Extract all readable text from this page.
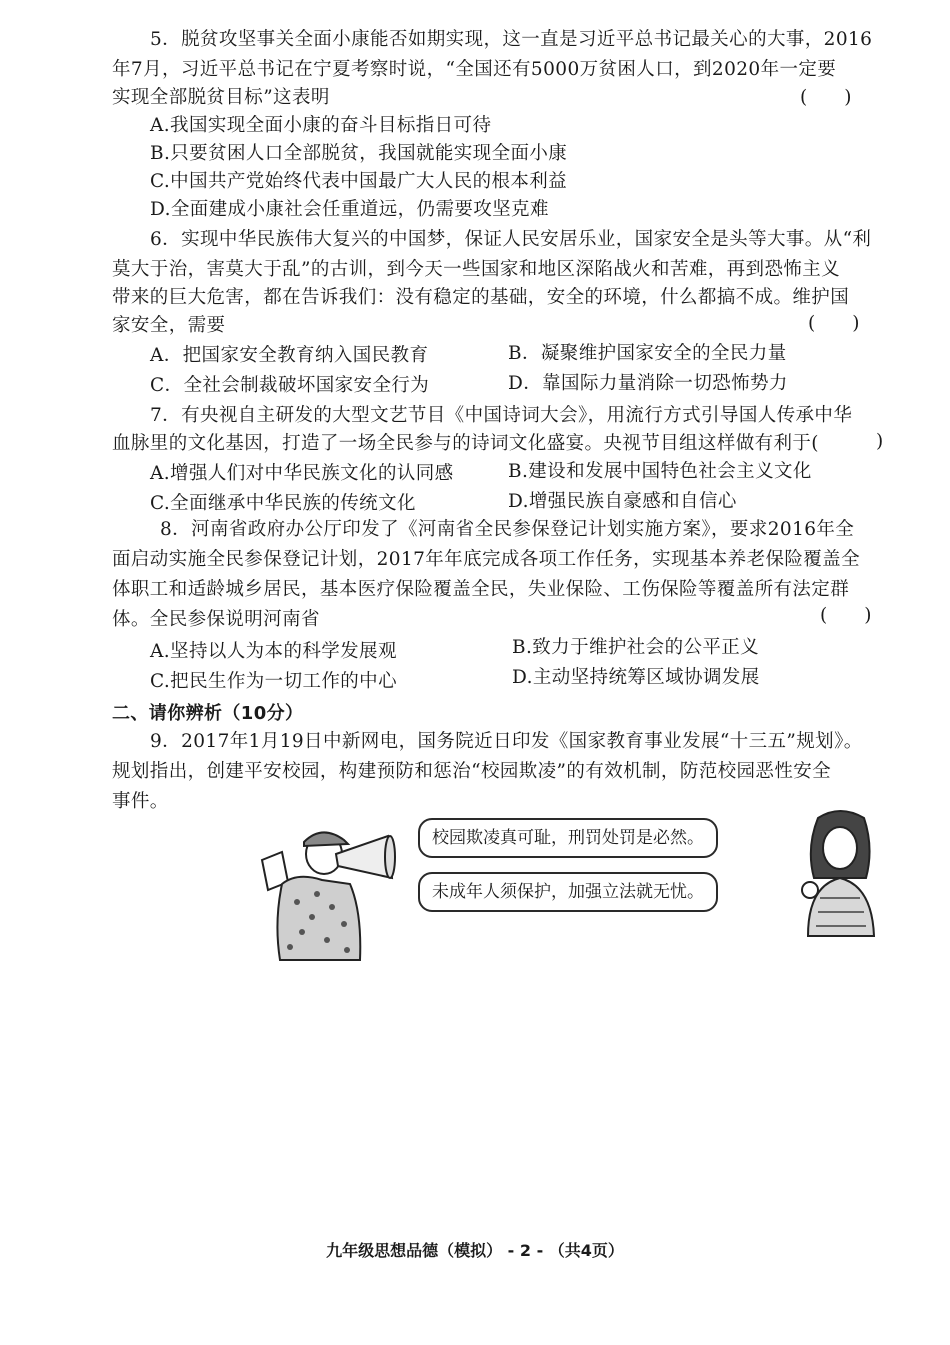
5．脱贫攻坚事关全面小康能否如期实现，这一直是习近平总书记最关心的大事，2016
年7月，习近平总书记在宁夏考察时说，“全国还有5000万贫困人口，到2020年一定要
实现全部脱贫目标”这表明	(　　)
A.我国实现全面小康的奋斗目标指日可待
B.只要贫困人口全部脱贫，我国就能实现全面小康
C.中国共产党始终代表中国最广大人民的根本利益
D.全面建成小康社会任重道远，仍需要攻坚克难
6．实现中华民族伟大复兴的中国梦，保证人民安居乐业，国家安全是头等大事。从“利
莫大于治，害莫大于乱”的古训，到今天一些国家和地区深陷战火和苦难，再到恐怖主义
带来的巨大危害，都在告诉我们：没有稳定的基础，安全的环境，什么都搞不成。维护国
家安全，需要	(　　)
A．把国家安全教育纳入国民教育	B．凝聚维护国家安全的全民力量
C．全社会制裁破坏国家安全行为	D．靠国际力量消除一切恐怖势力
7．有央视自主研发的大型文艺节目《中国诗词大会》，用流行方式引导国人传承中华
血脉里的文化基因，打造了一场全民参与的诗词文化盛宴。央视节目组这样做有利于(	)
A.增强人们对中华民族文化的认同感	B.建设和发展中国特色社会主义文化
C.全面继承中华民族的传统文化	D.增强民族自豪感和自信心
8．河南省政府办公厅印发了《河南省全民参保登记计划实施方案》，要求2016年全
面启动实施全民参保登记计划，2017年年底完成各项工作任务，实现基本养老保险覆盖全
体职工和适龄城乡居民，基本医疗保险覆盖全民，失业保险、工伤保险等覆盖所有法定群
体。全民参保说明河南省	(　　)
A.坚持以人为本的科学发展观	B.致力于维护社会的公平正义
C.把民生作为一切工作的中心	D.主动坚持统筹区域协调发展
二、请你辨析（10分）
9．2017年1月19日中新网电，国务院近日印发《国家教育事业发展“十三五”规划》。
规划指出，创建平安校园，构建预防和惩治“校园欺凌”的有效机制，防范校园恶性安全
事件。
校园欺凌真可耻，刑罚处罚是必然。
未成年人须保护，加强立法就无忧。
九年级思想品德（模拟） - 2 - （共4页）
